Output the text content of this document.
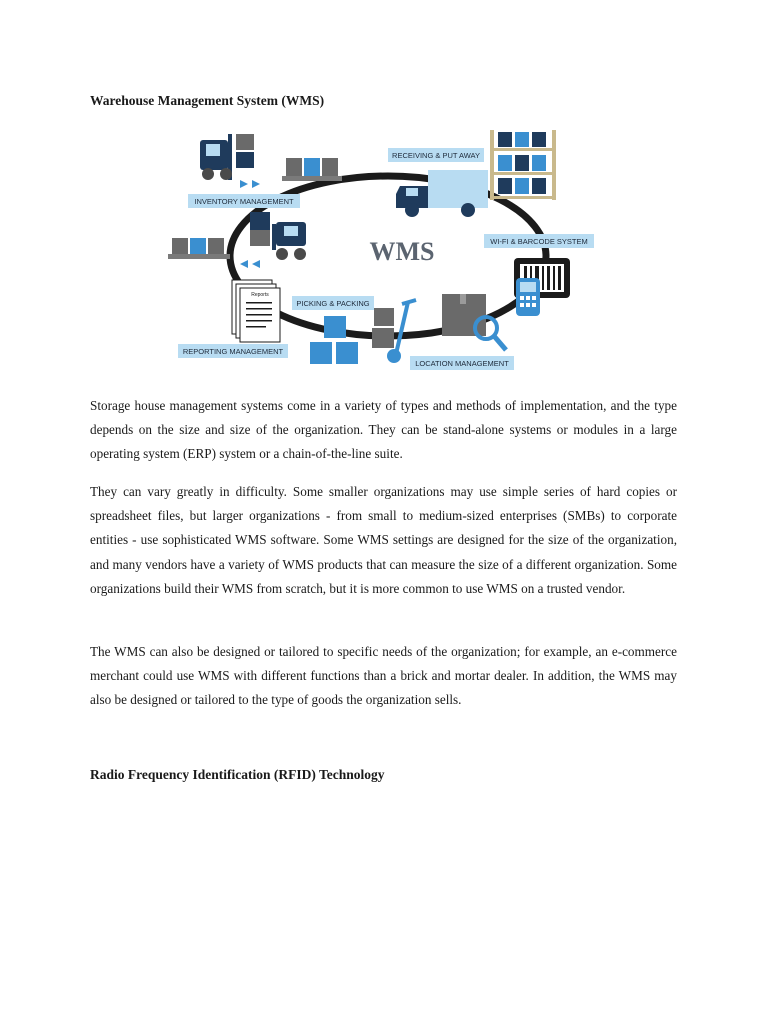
Warehouse Management System (WMS)
WMS
RECEIVING & PUT AWAY
INVENTORY MANAGEMENT
WI-FI & BARCODE SYSTEM
Reports
PICKING & PACKING
REPORTING MANAGEMENT
LOCATION MANAGEMENT

Storage house management systems come in a variety of types and methods of implementation, and the type depends on the size and size of the organization. They can be stand-alone systems or modules in a large operating system (ERP) system or a chain-of-the-line suite.

They can vary greatly in difficulty. Some smaller organizations may use simple series of hard copies or spreadsheet files, but larger organizations - from small to medium-sized enterprises (SMBs) to corporate entities - use sophisticated WMS software. Some WMS settings are designed for the size of the organization, and many vendors have a variety of WMS products that can measure the size of a different organization. Some organizations build their WMS from scratch, but it is more common to use WMS on a trusted vendor.

The WMS can also be designed or tailored to specific needs of the organization; for example, an e-commerce merchant could use WMS with different functions than a brick and mortar dealer. In addition, the WMS may also be designed or tailored to the type of goods the organization sells.

Radio Frequency Identification (RFID) Technology
